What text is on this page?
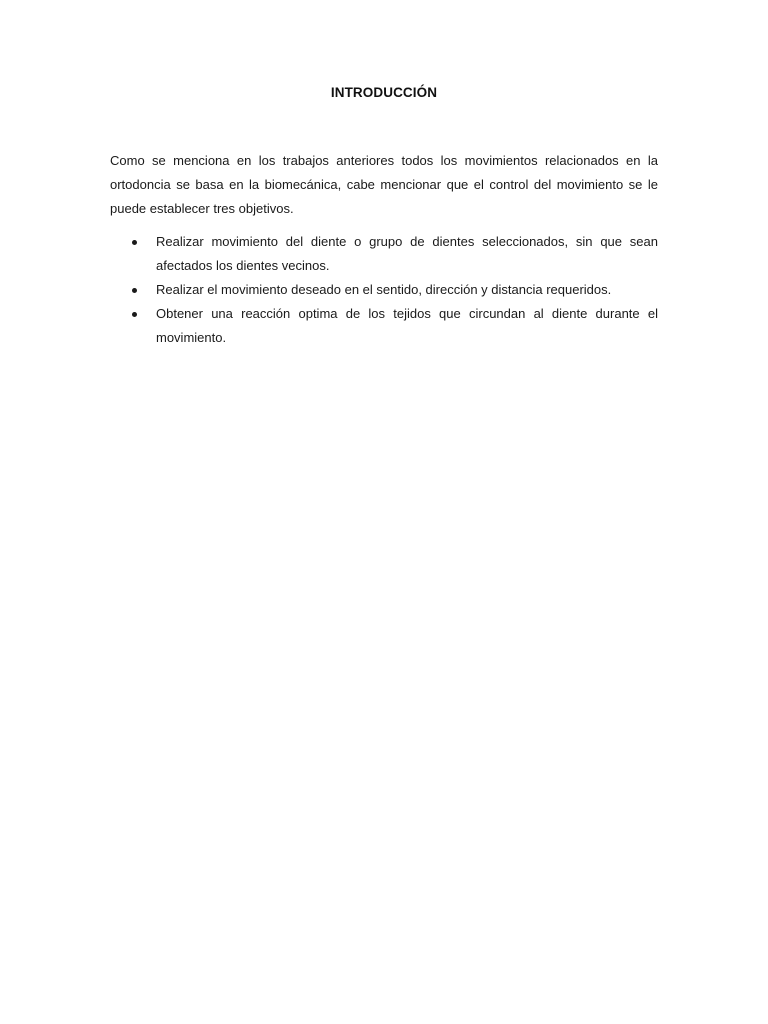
INTRODUCCIÓN

Como se menciona en los trabajos anteriores todos los movimientos relacionados en la ortodoncia se basa en la biomecánica, cabe mencionar que el control del movimiento se le puede establecer tres objetivos.

Realizar movimiento del diente o grupo de dientes seleccionados, sin que sean afectados los dientes vecinos.
Realizar el movimiento deseado en el sentido, dirección y distancia requeridos.
Obtener una reacción optima de los tejidos que circundan al diente durante el movimiento.
